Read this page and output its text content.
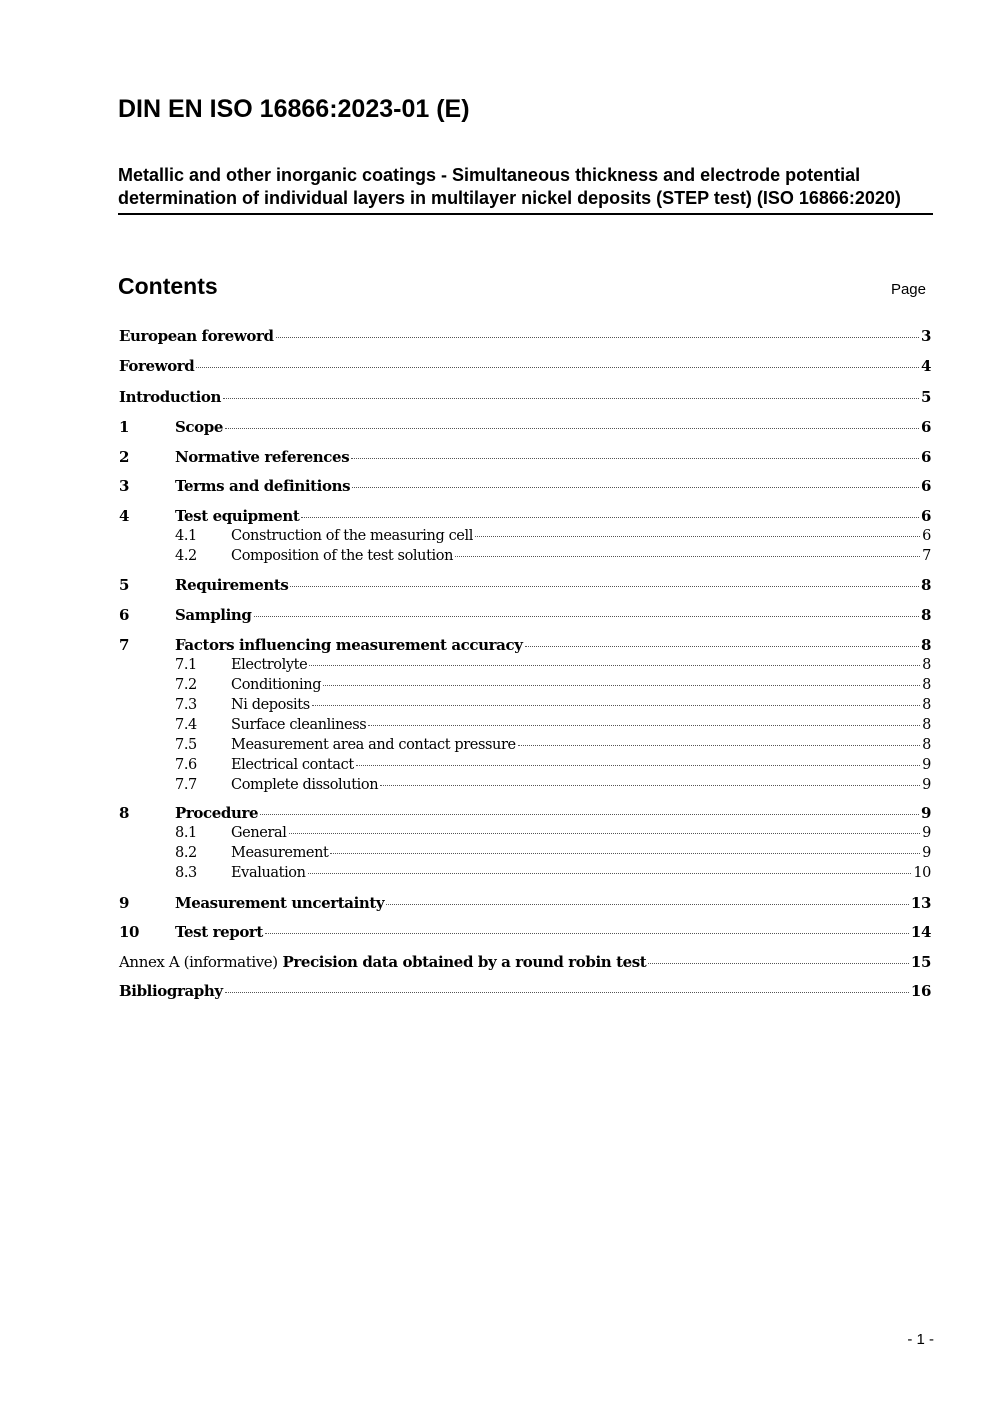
DIN EN ISO 16866:2023-01 (E)
Metallic and other inorganic coatings - Simultaneous thickness and electrode potential determination of individual layers in multilayer nickel deposits (STEP test) (ISO 16866:2020)
Contents	Page
European foreword	3
Foreword	4
Introduction	5
1	Scope	6
2	Normative references	6
3	Terms and definitions	6
4	Test equipment	6
4.1	Construction of the measuring cell	6
4.2	Composition of the test solution	7
5	Requirements	8
6	Sampling	8
7	Factors influencing measurement accuracy	8
7.1	Electrolyte	8
7.2	Conditioning	8
7.3	Ni deposits	8
7.4	Surface cleanliness	8
7.5	Measurement area and contact pressure	8
7.6	Electrical contact	9
7.7	Complete dissolution	9
8	Procedure	9
8.1	General	9
8.2	Measurement	9
8.3	Evaluation	10
9	Measurement uncertainty	13
10	Test report	14
Annex A (informative) Precision data obtained by a round robin test	15
Bibliography	16
- 1 -
